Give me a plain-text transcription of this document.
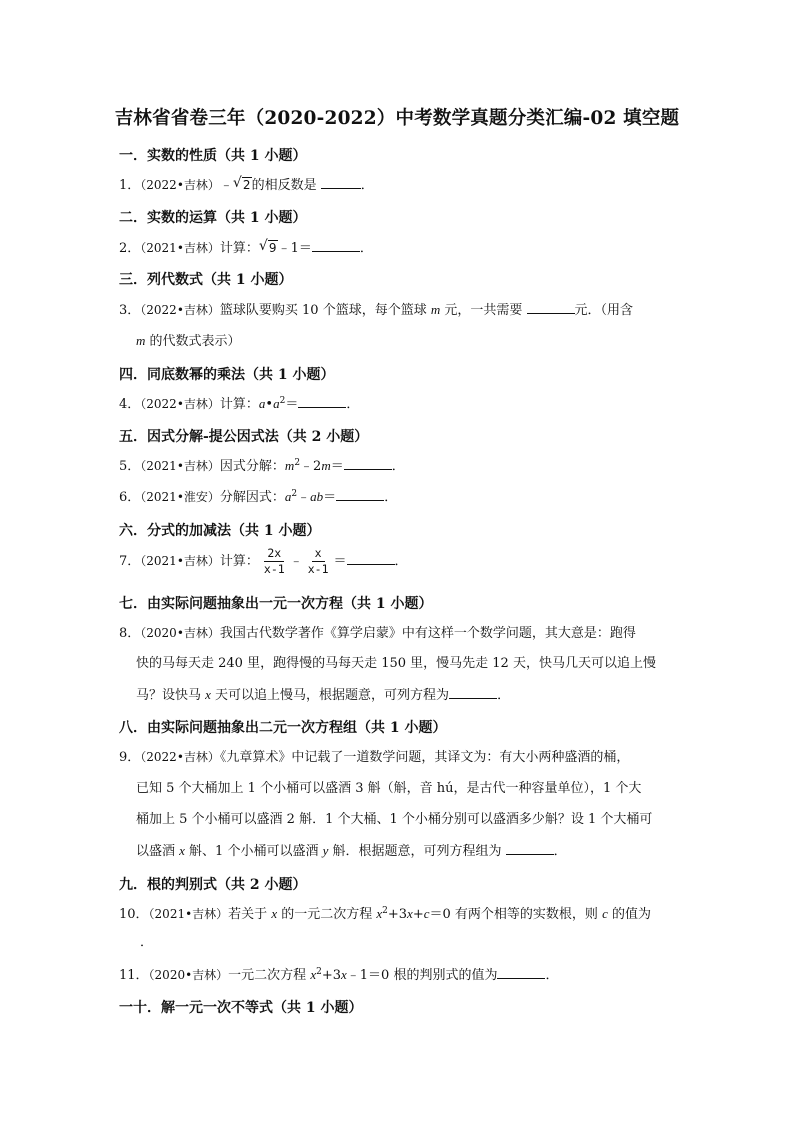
吉林省省卷三年（2020-2022）中考数学真题分类汇编-02 填空题
一．实数的性质（共 1 小题）
1．（2022•吉林）﹣ √ 2的相反数是	．
二．实数的运算（共 1 小题）
2．（2021•吉林）计算： √ 9﹣1＝	．
三．列代数式（共 1 小题）
3．（2022•吉林）篮球队要购买 10 个篮球，每个篮球 m 元，一共需要	元．（用含
m 的代数式表示）
四．同底数幂的乘法（共 1 小题）
4．（2022•吉林）计算：$a•a^2=$	．
五．因式分解-提公因式法（共 2 小题）
5．（2021•吉林）因式分解：$m^2﹣2m=$	．
6．（2021•淮安）分解因式：$a^2﹣ab=$	．
六．分式的加减法（共 1 小题）
7．（2021•吉林）计算： $\frac{2x}{x-1}$ ﹣ $\frac{x}{x-1}$ ＝	．
七．由实际问题抽象出一元一次方程（共 1 小题）
8．（2020•吉林）我国古代数学著作《算学启蒙》中有这样一个数学问题，其大意是：跑得
快的马每天走 240 里，跑得慢的马每天走 150 里，慢马先走 12 天，快马几天可以追上慢
马？设快马 x 天可以追上慢马，根据题意，可列方程为	．
八．由实际问题抽象出二元一次方程组（共 1 小题）
9．（2022•吉林）《九章算术》中记载了一道数学问题，其译文为：有大小两种盛酒的桶，
已知 5 个大桶加上 1 个小桶可以盛酒 3 斛（斛，音 hú，是古代一种容量单位），1 个大
桶加上 5 个小桶可以盛酒 2 斛．1 个大桶、1 个小桶分别可以盛酒多少斛？设 1 个大桶可
以盛酒 x 斛、1 个小桶可以盛酒 y 斛．根据题意，可列方程组为	．
九．根的判别式（共 2 小题）
10．（2021•吉林）若关于 x 的一元二次方程 $x^2+3x+c=0$ 有两个相等的实数根，则 c 的值为
．
11．（2020•吉林）一元二次方程 $x^2+3x﹣1=0$ 根的判别式的值为	．
一十．解一元一次不等式（共 1 小题）
